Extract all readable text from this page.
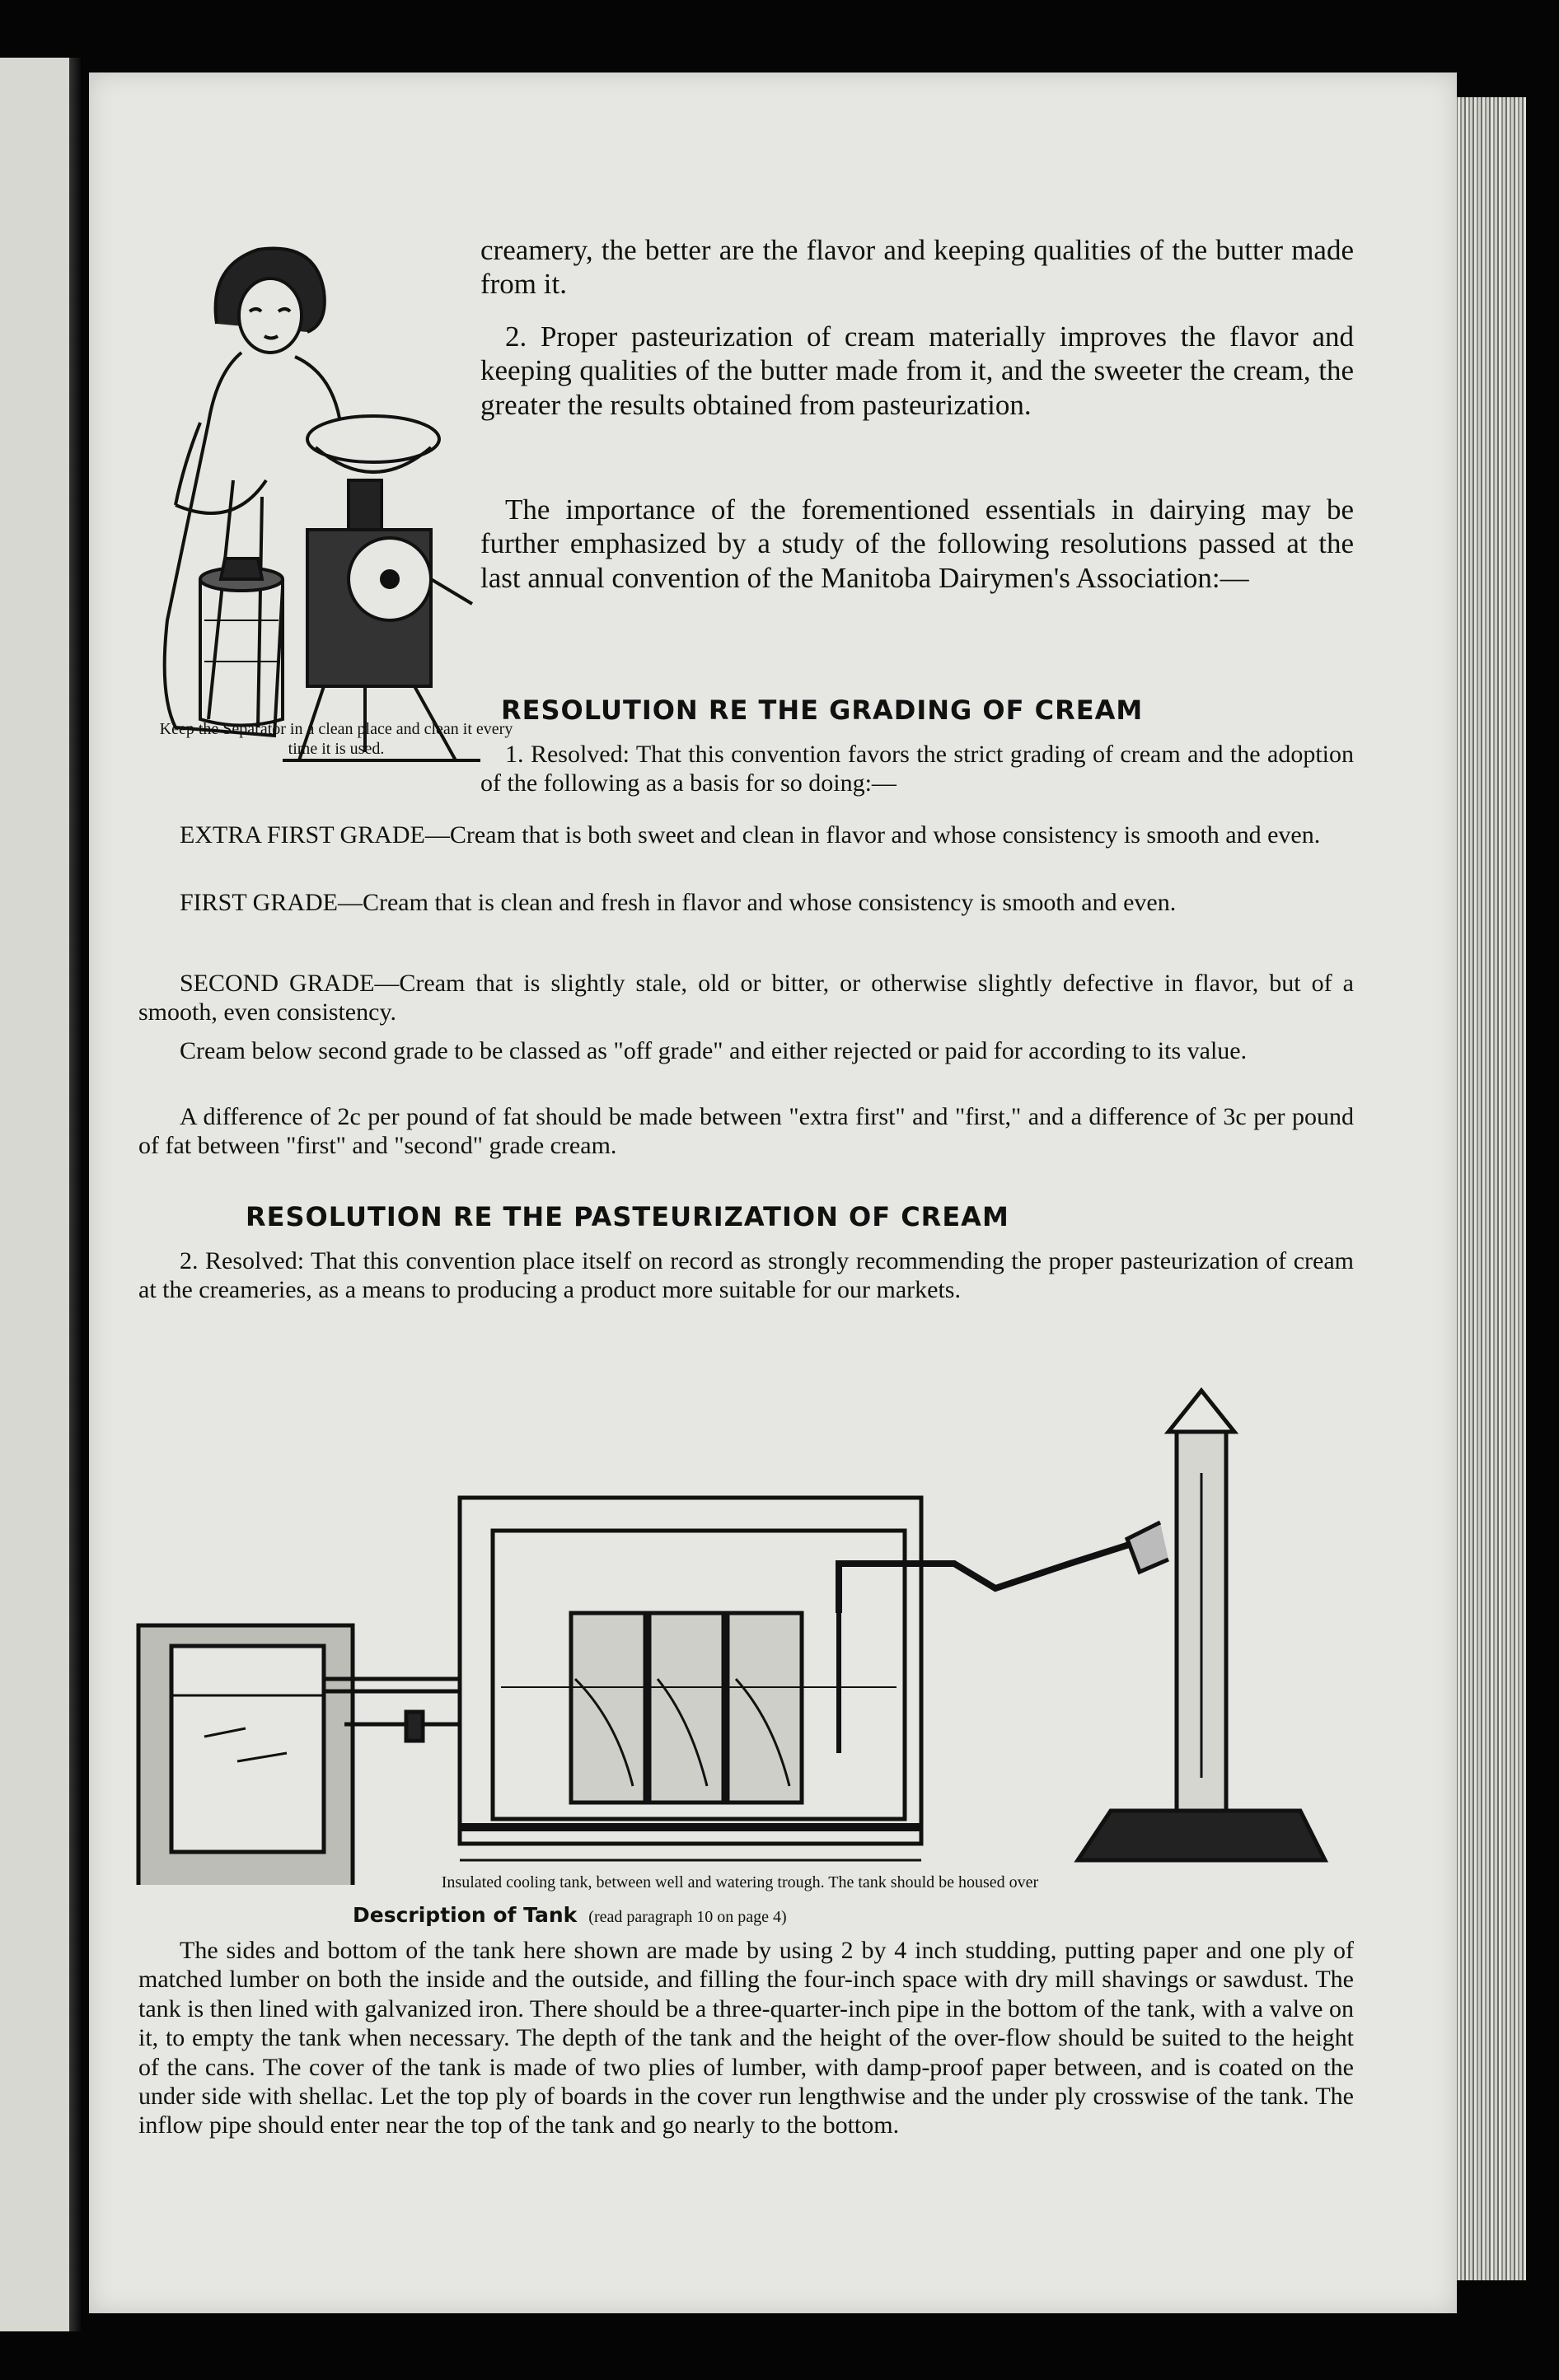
Keep the Separator in a clean place and clean it every time it is used.

creamery, the better are the flavor and keeping qualities of the butter made from it.

2. Proper pasteurization of cream materially improves the flavor and keeping qualities of the butter made from it, and the sweeter the cream, the greater the results obtained from pasteurization.

The importance of the forementioned essentials in dairying may be further emphasized by a study of the following resolutions passed at the last annual convention of the Manitoba Dairymen's Association:—

RESOLUTION RE THE GRADING OF CREAM

1. Resolved: That this convention favors the strict grading of cream and the adoption of the following as a basis for so doing:—

EXTRA FIRST GRADE—Cream that is both sweet and clean in flavor and whose consistency is smooth and even.

FIRST GRADE—Cream that is clean and fresh in flavor and whose consistency is smooth and even.

SECOND GRADE—Cream that is slightly stale, old or bitter, or otherwise slightly defective in flavor, but of a smooth, even consistency.

Cream below second grade to be classed as "off grade" and either rejected or paid for according to its value.

A difference of 2c per pound of fat should be made between "extra first" and "first," and a difference of 3c per pound of fat between "first" and "second" grade cream.

RESOLUTION RE THE PASTEURIZATION OF CREAM

2. Resolved: That this convention place itself on record as strongly recommending the proper pasteurization of cream at the creameries, as a means to producing a product more suitable for our markets.

Insulated cooling tank, between well and watering trough. The tank should be housed over

Description of Tank (read paragraph 10 on page 4)

The sides and bottom of the tank here shown are made by using 2 by 4 inch studding, putting paper and one ply of matched lumber on both the inside and the outside, and filling the four-inch space with dry mill shavings or sawdust. The tank is then lined with galvanized iron. There should be a three-quarter-inch pipe in the bottom of the tank, with a valve on it, to empty the tank when necessary. The depth of the tank and the height of the over-flow should be suited to the height of the cans. The cover of the tank is made of two plies of lumber, with damp-proof paper between, and is coated on the under side with shellac. Let the top ply of boards in the cover run lengthwise and the under ply crosswise of the tank. The inflow pipe should enter near the top of the tank and go nearly to the bottom.
